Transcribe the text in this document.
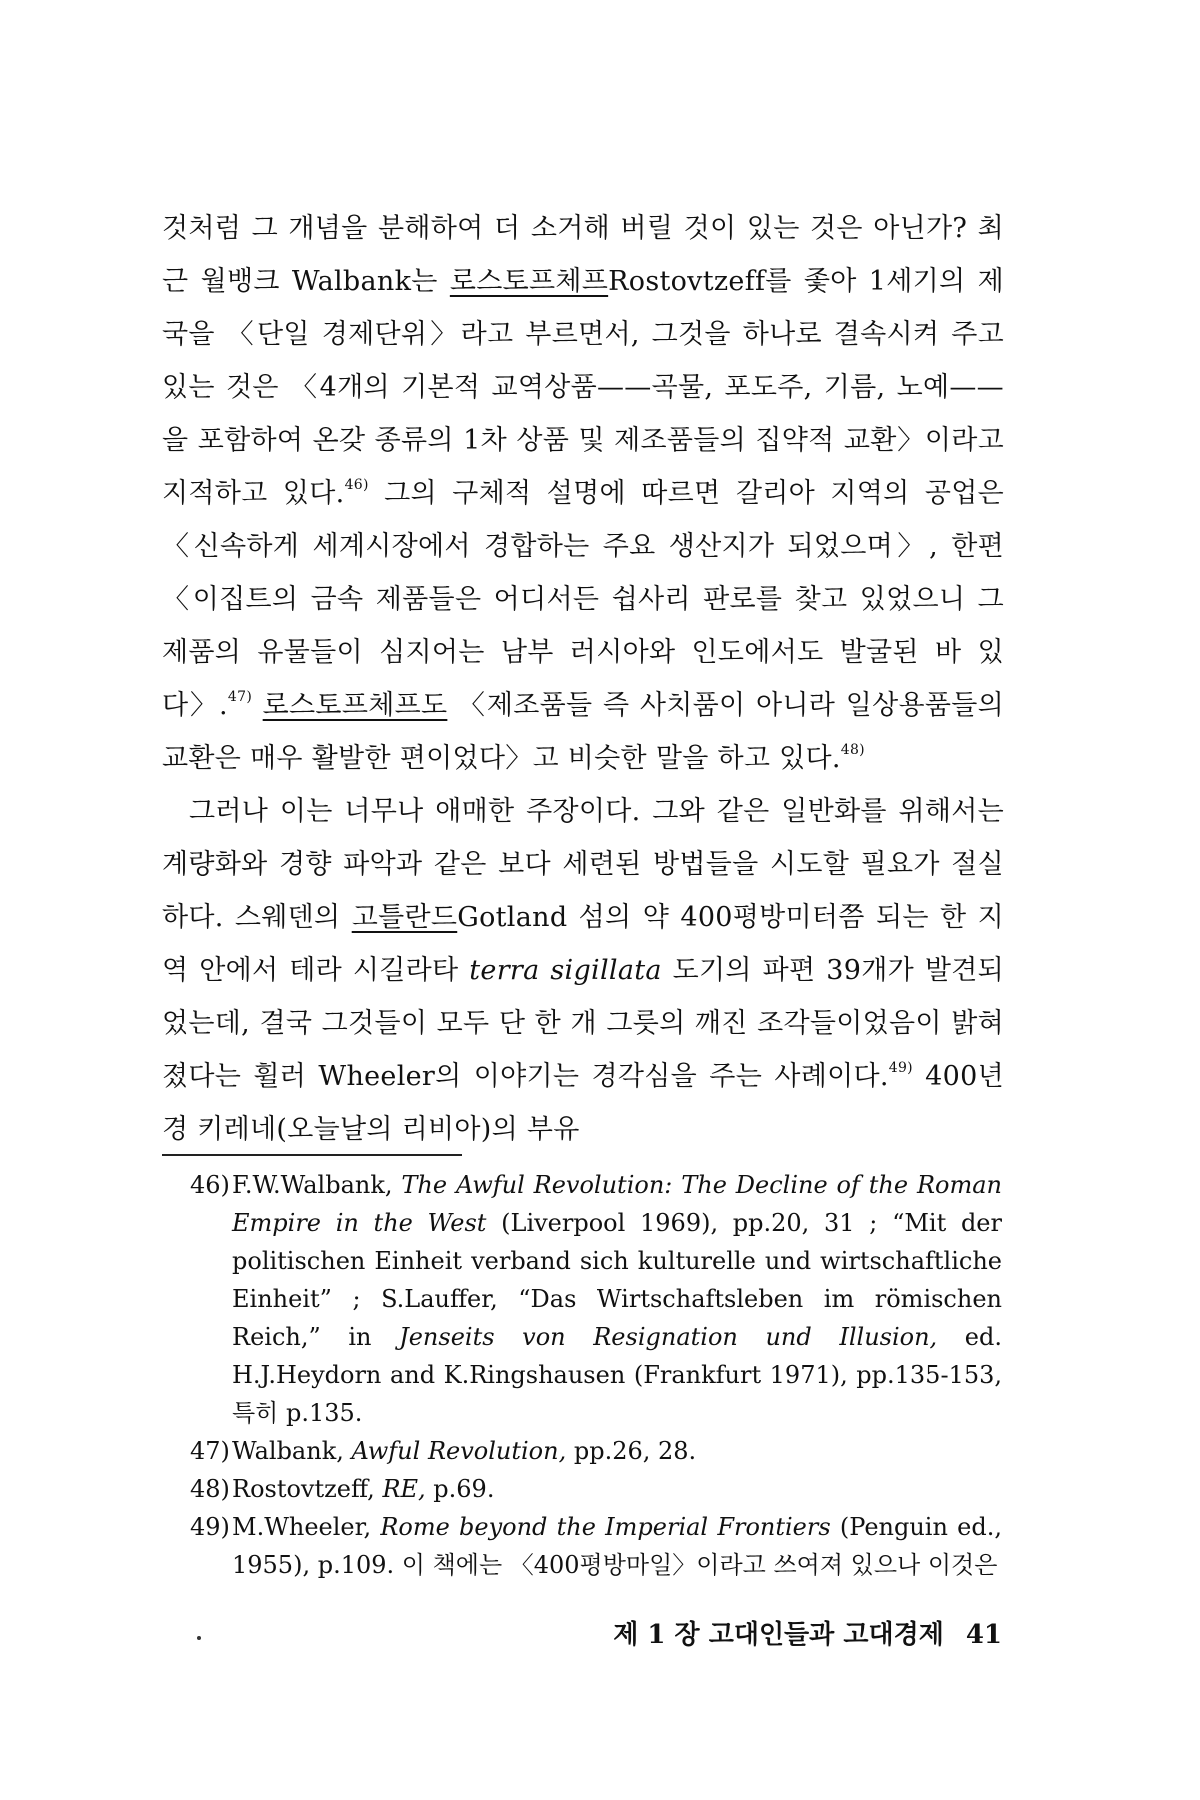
것처럼 그 개념을 분해하여 더 소거해 버릴 것이 있는 것은 아닌가? 최근 월뱅크 Walbank는 로스토프체프Rostovtzeff를 좇아 1세기의 제국을 〈단일 경제단위〉라고 부르면서, 그것을 하나로 결속시켜 주고 있는 것은 〈4개의 기본적 교역상품——곡물, 포도주, 기름, 노예——을 포함하여 온갖 종류의 1차 상품 및 제조품들의 집약적 교환〉이라고 지적하고 있다.$^{46)}$ 그의 구체적 설명에 따르면 갈리아 지역의 공업은 〈신속하게 세계시장에서 경합하는 주요 생산지가 되었으며〉, 한편 〈이집트의 금속 제품들은 어디서든 쉽사리 판로를 찾고 있었으니 그 제품의 유물들이 심지어는 남부 러시아와 인도에서도 발굴된 바 있다〉.$^{47)}$ 로스토프체프도 〈제조품들 즉 사치품이 아니라 일상용품들의 교환은 매우 활발한 편이었다〉고 비슷한 말을 하고 있다.$^{48)}$

그러나 이는 너무나 애매한 주장이다. 그와 같은 일반화를 위해서는 계량화와 경향 파악과 같은 보다 세련된 방법들을 시도할 필요가 절실하다. 스웨덴의 고틀란드Gotland 섬의 약 400평방미터쯤 되는 한 지역 안에서 테라 시길라타 terra sigillata 도기의 파편 39개가 발견되었는데, 결국 그것들이 모두 단 한 개 그릇의 깨진 조각들이었음이 밝혀졌다는 휠러 Wheeler의 이야기는 경각심을 주는 사례이다.$^{49)}$ 400년경 키레네(오늘날의 리비아)의 부유

46) F.W.Walbank, The Awful Revolution: The Decline of the Roman Empire in the West (Liverpool 1969), pp.20, 31 ; “Mit der politischen Einheit verband sich kulturelle und wirtschaftliche Einheit” ; S.Lauffer, “Das Wirtschaftsleben im römischen Reich,” in Jenseits von Resignation und Illusion, ed. H.J.Heydorn and K.Ringshausen (Frankfurt 1971), pp.135-153, 특히 p.135.
47) Walbank, Awful Revolution, pp.26, 28.
48) Rostovtzeff, RE, p.69.
49) M.Wheeler, Rome beyond the Imperial Frontiers (Penguin ed., 1955), p.109. 이 책에는 〈400평방마일〉이라고 쓰여져 있으나 이것은
제 1 장 고대인들과 고대경제 41
